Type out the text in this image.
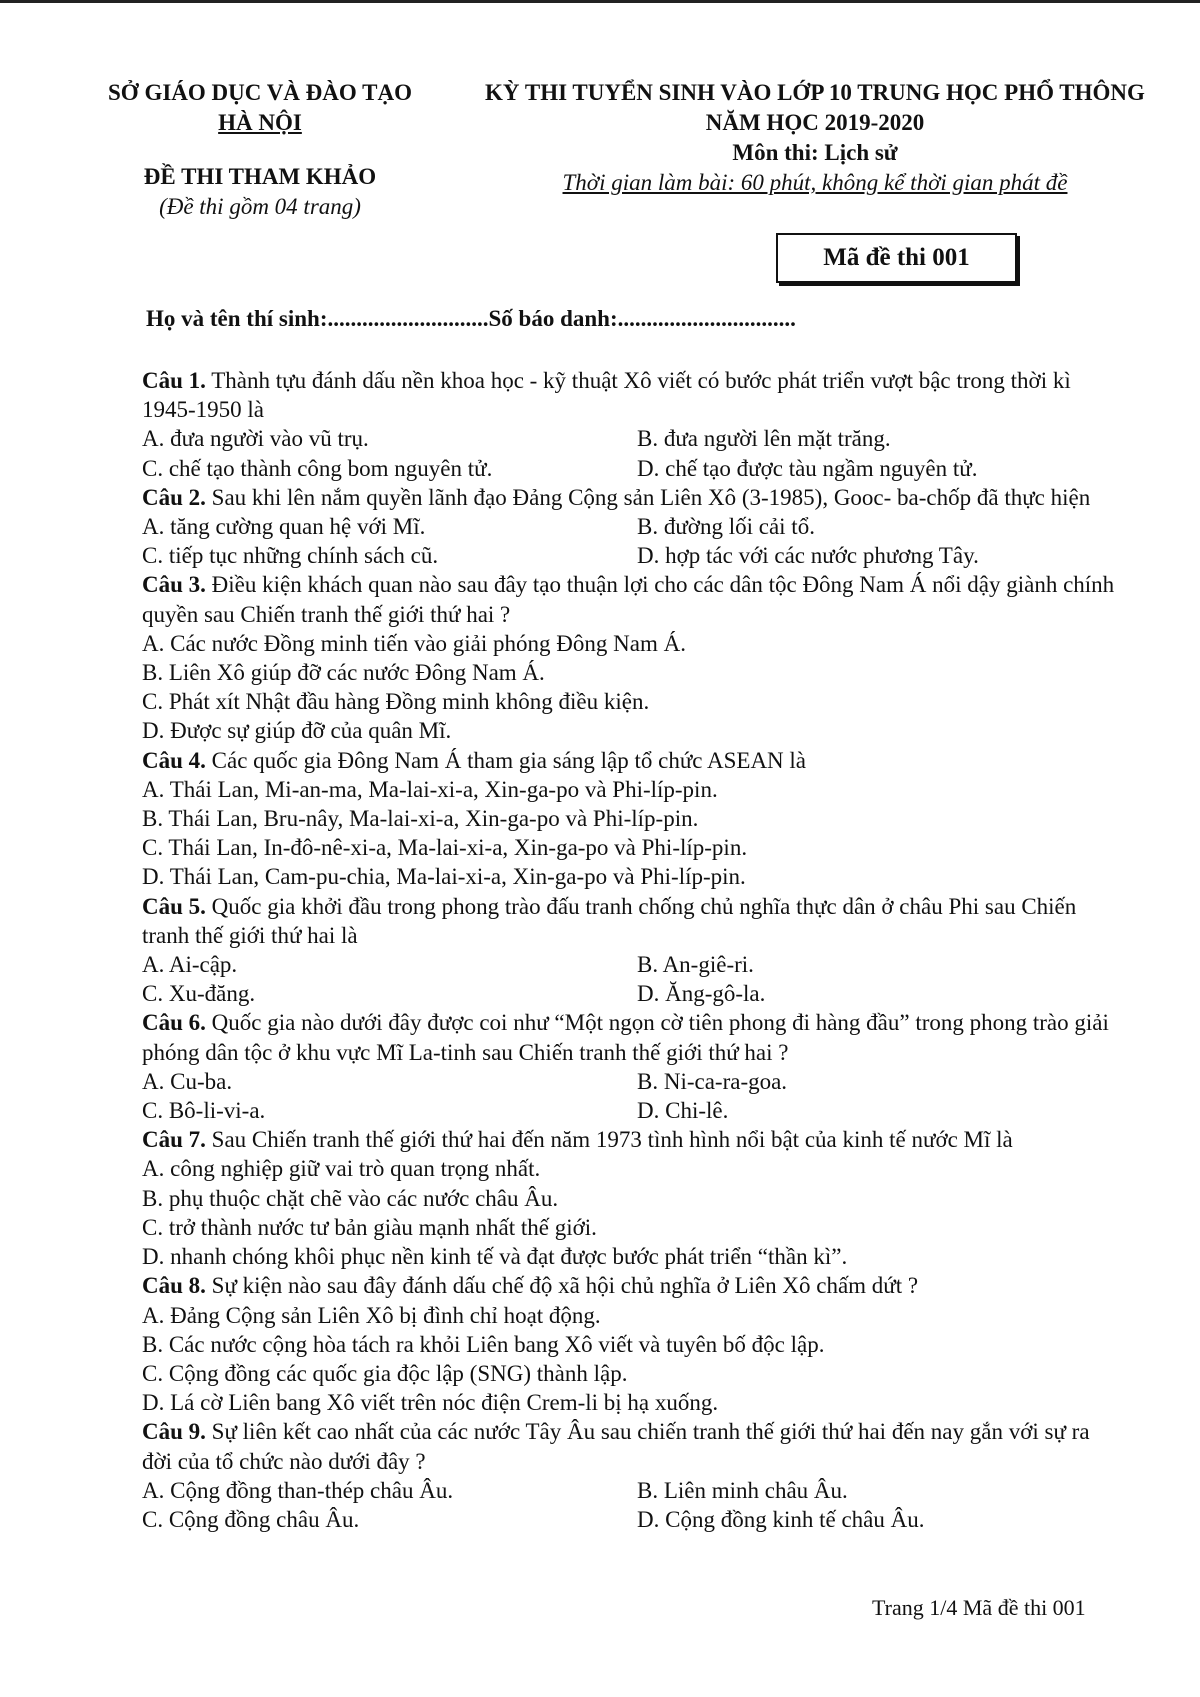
SỞ GIÁO DỤC VÀ ĐÀO TẠO
HÀ NỘI
ĐỀ THI THAM KHẢO
(Đề thi gồm 04 trang)
KỲ THI TUYỂN SINH VÀO LỚP 10 TRUNG HỌC PHỔ THÔNG
NĂM HỌC 2019-2020
Môn thi: Lịch sử
Thời gian làm bài: 60 phút, không kể thời gian phát đề
Mã đề thi 001
Họ và tên thí sinh:............................Số báo danh:...............................

Câu 1. Thành tựu đánh dấu nền khoa học - kỹ thuật Xô viết có bước phát triển vượt bậc trong thời kì 1945-1950 là

A. đưa người vào vũ trụ.	B. đưa người lên mặt trăng.
C. chế tạo thành công bom nguyên tử.	D. chế tạo được tàu ngầm nguyên tử.

Câu 2. Sau khi lên nắm quyền lãnh đạo Đảng Cộng sản Liên Xô (3-1985), Gooc- ba-chốp đã thực hiện

A. tăng cường quan hệ với Mĩ.	B. đường lối cải tổ.
C. tiếp tục những chính sách cũ.	D. hợp tác với các nước phương Tây.

Câu 3. Điều kiện khách quan nào sau đây tạo thuận lợi cho các dân tộc Đông Nam Á nổi dậy giành chính quyền sau Chiến tranh thế giới thứ hai ?

A. Các nước Đồng minh tiến vào giải phóng Đông Nam Á.
B. Liên Xô giúp đỡ các nước Đông Nam Á.
C. Phát xít Nhật đầu hàng Đồng minh không điều kiện.
D. Được sự giúp đỡ của quân Mĩ.

Câu 4. Các quốc gia Đông Nam Á tham gia sáng lập tổ chức ASEAN là

A. Thái Lan, Mi-an-ma, Ma-lai-xi-a, Xin-ga-po và Phi-líp-pin.
B. Thái Lan, Bru-nây, Ma-lai-xi-a, Xin-ga-po và Phi-líp-pin.
C. Thái Lan, In-đô-nê-xi-a, Ma-lai-xi-a, Xin-ga-po và Phi-líp-pin.
D. Thái Lan, Cam-pu-chia, Ma-lai-xi-a, Xin-ga-po và Phi-líp-pin.

Câu 5. Quốc gia khởi đầu trong phong trào đấu tranh chống chủ nghĩa thực dân ở châu Phi sau Chiến tranh thế giới thứ hai là

A. Ai-cập.	B. An-giê-ri.
C. Xu-đăng.	D. Ăng-gô-la.

Câu 6. Quốc gia nào dưới đây được coi như “Một ngọn cờ tiên phong đi hàng đầu” trong phong trào giải phóng dân tộc ở khu vực Mĩ La-tinh sau Chiến tranh thế giới thứ hai ?

A. Cu-ba.	B. Ni-ca-ra-goa.
C. Bô-li-vi-a.	D. Chi-lê.

Câu 7. Sau Chiến tranh thế giới thứ hai đến năm 1973 tình hình nổi bật của kinh tế nước Mĩ là

A. công nghiệp giữ vai trò quan trọng nhất.
B. phụ thuộc chặt chẽ vào các nước châu Âu.
C. trở thành nước tư bản giàu mạnh nhất thế giới.
D. nhanh chóng khôi phục nền kinh tế và đạt được bước phát triển “thần kì”.

Câu 8. Sự kiện nào sau đây đánh dấu chế độ xã hội chủ nghĩa ở Liên Xô chấm dứt ?

A. Đảng Cộng sản Liên Xô bị đình chỉ hoạt động.
B. Các nước cộng hòa tách ra khỏi Liên bang Xô viết và tuyên bố độc lập.
C. Cộng đồng các quốc gia độc lập (SNG) thành lập.
D. Lá cờ Liên bang Xô viết trên nóc điện Crem-li bị hạ xuống.

Câu 9. Sự liên kết cao nhất của các nước Tây Âu sau chiến tranh thế giới thứ hai đến nay gắn với sự ra đời của tổ chức nào dưới đây ?

A. Cộng đồng than-thép châu Âu.	B. Liên minh châu Âu.
C. Cộng đồng châu Âu.	D. Cộng đồng kinh tế châu Âu.
Trang 1/4 Mã đề thi 001
